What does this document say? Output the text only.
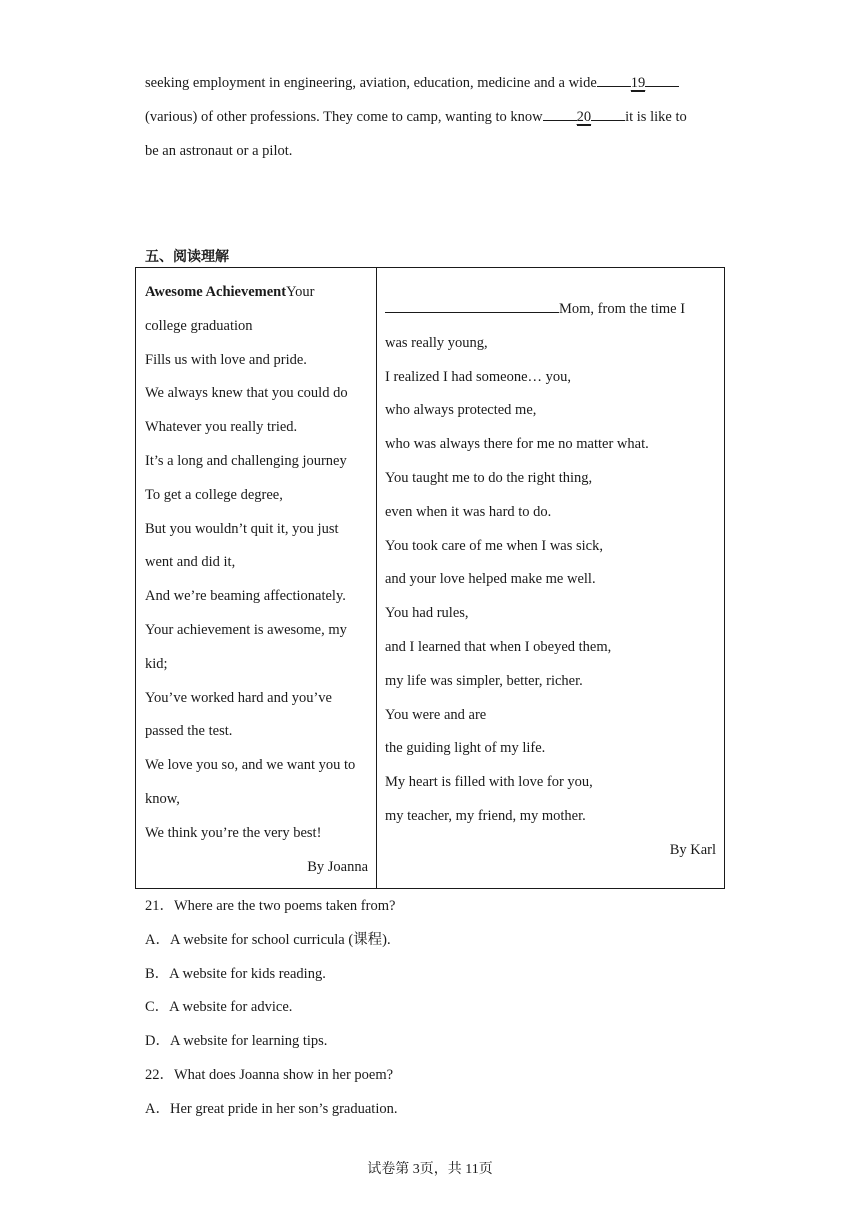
seeking employment in engineering, aviation, education, medicine and a wide 19

(various) of other professions. They come to camp, wanting to know 20 it is like to

be an astronaut or a pilot.

五、阅读理解

Awesome AchievementYour

college graduation

Fills us with love and pride.

We always knew that you could do

Whatever you really tried.

It’s a long and challenging journey

To get a college degree,

But you wouldn’t quit it, you just

went and did it,

And we’re beaming affectionately.

Your achievement is awesome, my

kid;

You’ve worked hard and you’ve

passed the test.

We love you so, and we want you to

know,

We think you’re the very best!

By Joanna

Mom, from the time I

was really young,

I realized I had someone… you,

who always protected me,

who was always there for me no matter what.

You taught me to do the right thing,

even when it was hard to do.

You took care of me when I was sick,

and your love helped make me well.

You had rules,

and I learned that when I obeyed them,

my life was simpler, better, richer.

You were and are

the guiding light of my life.

My heart is filled with love for you,

my teacher, my friend, my mother.

By Karl

21．Where are the two poems taken from?

A．A website for school curricula (课程).

B．A website for kids reading.

C．A website for advice.

D．A website for learning tips.

22．What does Joanna show in her poem?

A．Her great pride in her son’s graduation.

试卷第 3页，共 11页
